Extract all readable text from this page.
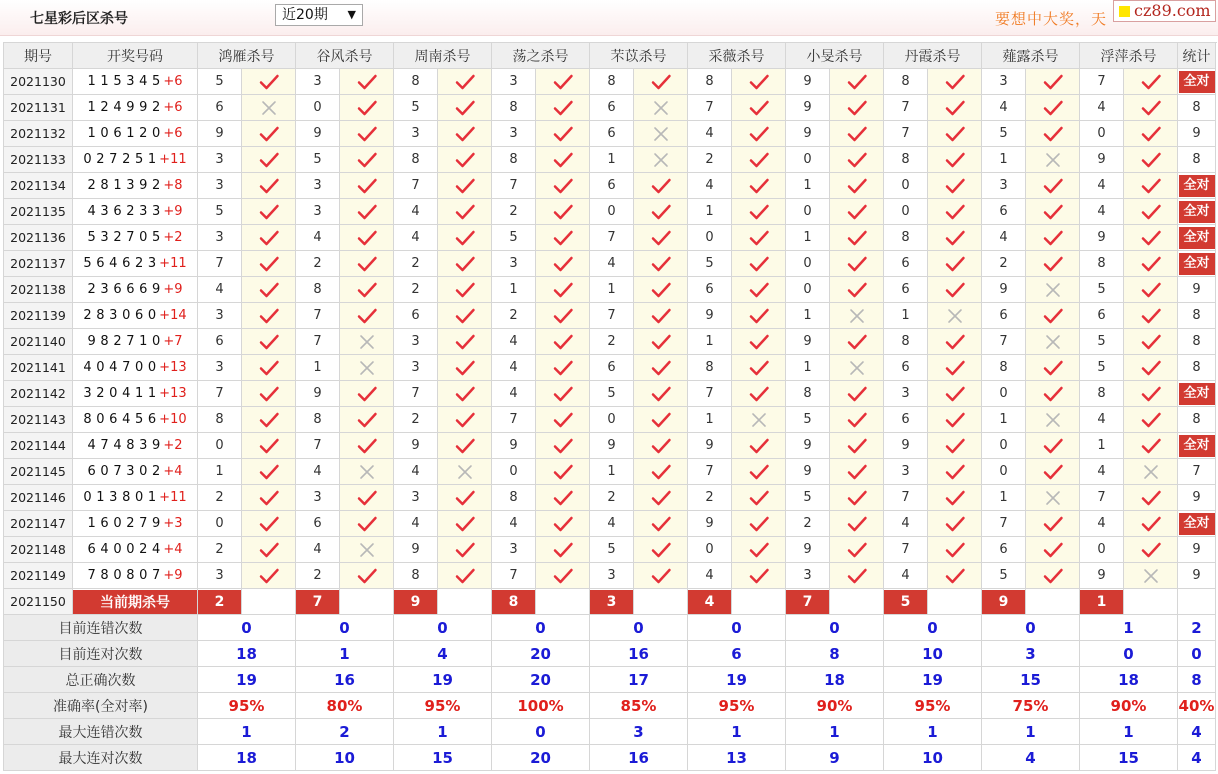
七星彩后区杀号	近20期 ▼	要想中大奖，天 cz89.com
期号	开奖号码	鸿雁杀号	谷风杀号	周南杀号	荡之杀号	芣苡杀号	采薇杀号	小旻杀号	丹霞杀号	薤露杀号	浮萍杀号	统计
2021130	1 1 5 3 4 5 +6	5	3	8	3	8	8	9	8	3	7	全对
2021131	1 2 4 9 9 2 +6	6	0	5	8	6	7	9	7	4	4	8
2021132	1 0 6 1 2 0 +6	9	9	3	3	6	4	9	7	5	0	9
2021133	0 2 7 2 5 1 +11	3	5	8	8	1	2	0	8	1	9	8
2021134	2 8 1 3 9 2 +8	3	3	7	7	6	4	1	0	3	4	全对
2021135	4 3 6 2 3 3 +9	5	3	4	2	0	1	0	0	6	4	全对
2021136	5 3 2 7 0 5 +2	3	4	4	5	7	0	1	8	4	9	全对
2021137	5 6 4 6 2 3 +11	7	2	2	3	4	5	0	6	2	8	全对
2021138	2 3 6 6 6 9 +9	4	8	2	1	1	6	0	6	9	5	9
2021139	2 8 3 0 6 0 +14	3	7	6	2	7	9	1	1	6	6	8
2021140	9 8 2 7 1 0 +7	6	7	3	4	2	1	9	8	7	5	8
2021141	4 0 4 7 0 0 +13	3	1	3	4	6	8	1	6	8	5	8
2021142	3 2 0 4 1 1 +13	7	9	7	4	5	7	8	3	0	8	全对
2021143	8 0 6 4 5 6 +10	8	8	2	7	0	1	5	6	1	4	8
2021144	4 7 4 8 3 9 +2	0	7	9	9	9	9	9	9	0	1	全对
2021145	6 0 7 3 0 2 +4	1	4	4	0	1	7	9	3	0	4	7
2021146	0 1 3 8 0 1 +11	2	3	3	8	2	2	5	7	1	7	9
2021147	1 6 0 2 7 9 +3	0	6	4	4	4	9	2	4	7	4	全对
2021148	6 4 0 0 2 4 +4	2	4	9	3	5	0	9	7	6	0	9
2021149	7 8 0 8 0 7 +9	3	2	8	7	3	4	3	4	5	9	9
2021150	当前期杀号	2	7	9	8	3	4	7	5	9	1
目前连错次数	0	0	0	0	0	0	0	0	0	1	2
目前连对次数	18	1	4	20	16	6	8	10	3	0	0
总正确次数	19	16	19	20	17	19	18	19	15	18	8
准确率(全对率)	95%	80%	95%	100%	85%	95%	90%	95%	75%	90%	40%
最大连错次数	1	2	1	0	3	1	1	1	1	1	4
最大连对次数	18	10	15	20	16	13	9	10	4	15	4
